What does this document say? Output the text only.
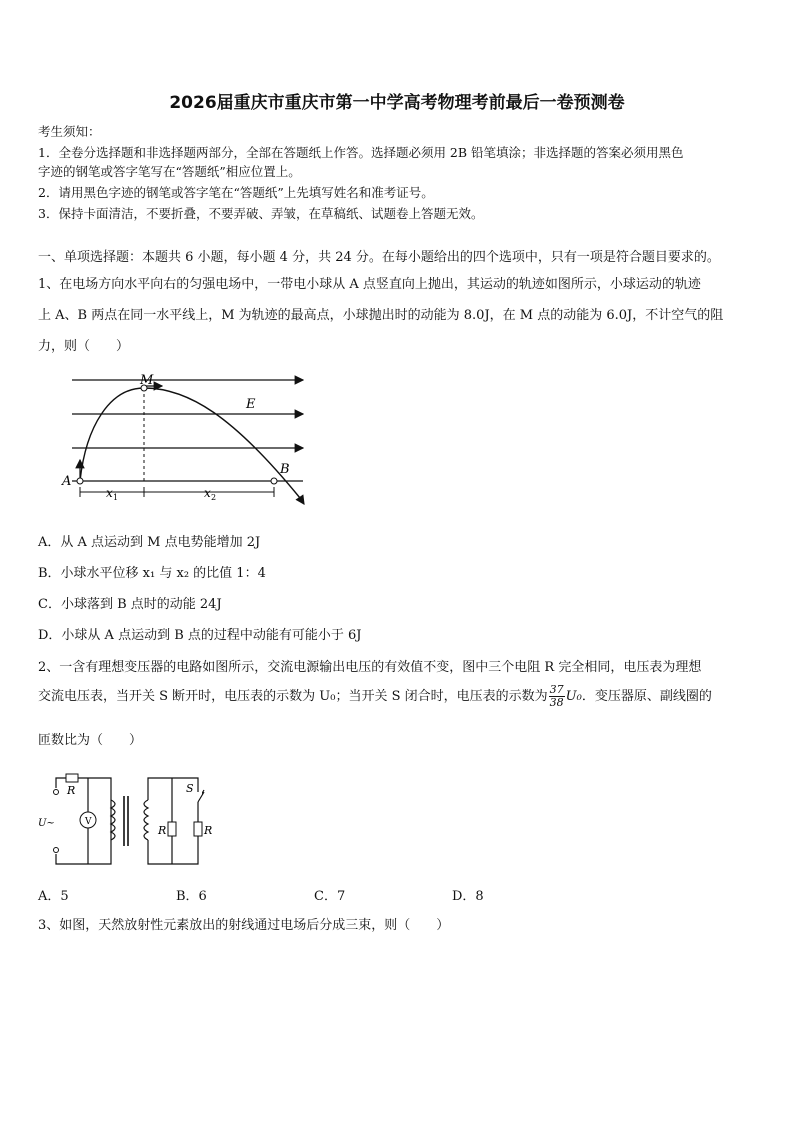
2026届重庆市重庆市第一中学高考物理考前最后一卷预测卷
考生须知：
1．全卷分选择题和非选择题两部分，全部在答题纸上作答。选择题必须用 2B 铅笔填涂；非选择题的答案必须用黑色
字迹的钢笔或答字笔写在“答题纸”相应位置上。
2．请用黑色字迹的钢笔或答字笔在“答题纸”上先填写姓名和准考证号。
3．保持卡面清洁，不要折叠，不要弄破、弄皱，在草稿纸、试题卷上答题无效。
一、单项选择题：本题共 6 小题，每小题 4 分，共 24 分。在每小题给出的四个选项中，只有一项是符合题目要求的。
1、在电场方向水平向右的匀强电场中，一带电小球从 A 点竖直向上抛出，其运动的轨迹如图所示，小球运动的轨迹
上 A、B 两点在同一水平线上，M 为轨迹的最高点，小球抛出时的动能为 8.0J，在 M 点的动能为 6.0J，不计空气的阻
力，则（　　）
M
E
A
B
x 1	x 2
A．从 A 点运动到 M 点电势能增加 2J
B．小球水平位移 x₁ 与 x₂ 的比值 1：4
C．小球落到 B 点时的动能 24J
D．小球从 A 点运动到 B 点的过程中动能有可能小于 6J
2、一含有理想变压器的电路如图所示，交流电源输出电压的有效值不变，图中三个电阻 R 完全相同，电压表为理想
交流电压表，当开关 S 断开时，电压表的示数为 U₀；当开关 S 闭合时，电压表的示数为 $\frac{37}{38} U_0$．变压器原、副线圈的
匝数比为（　　）
R
U~	V
R
S
R
A．5	B．6	C．7	D．8
3、如图，天然放射性元素放出的射线通过电场后分成三束，则（　　）
